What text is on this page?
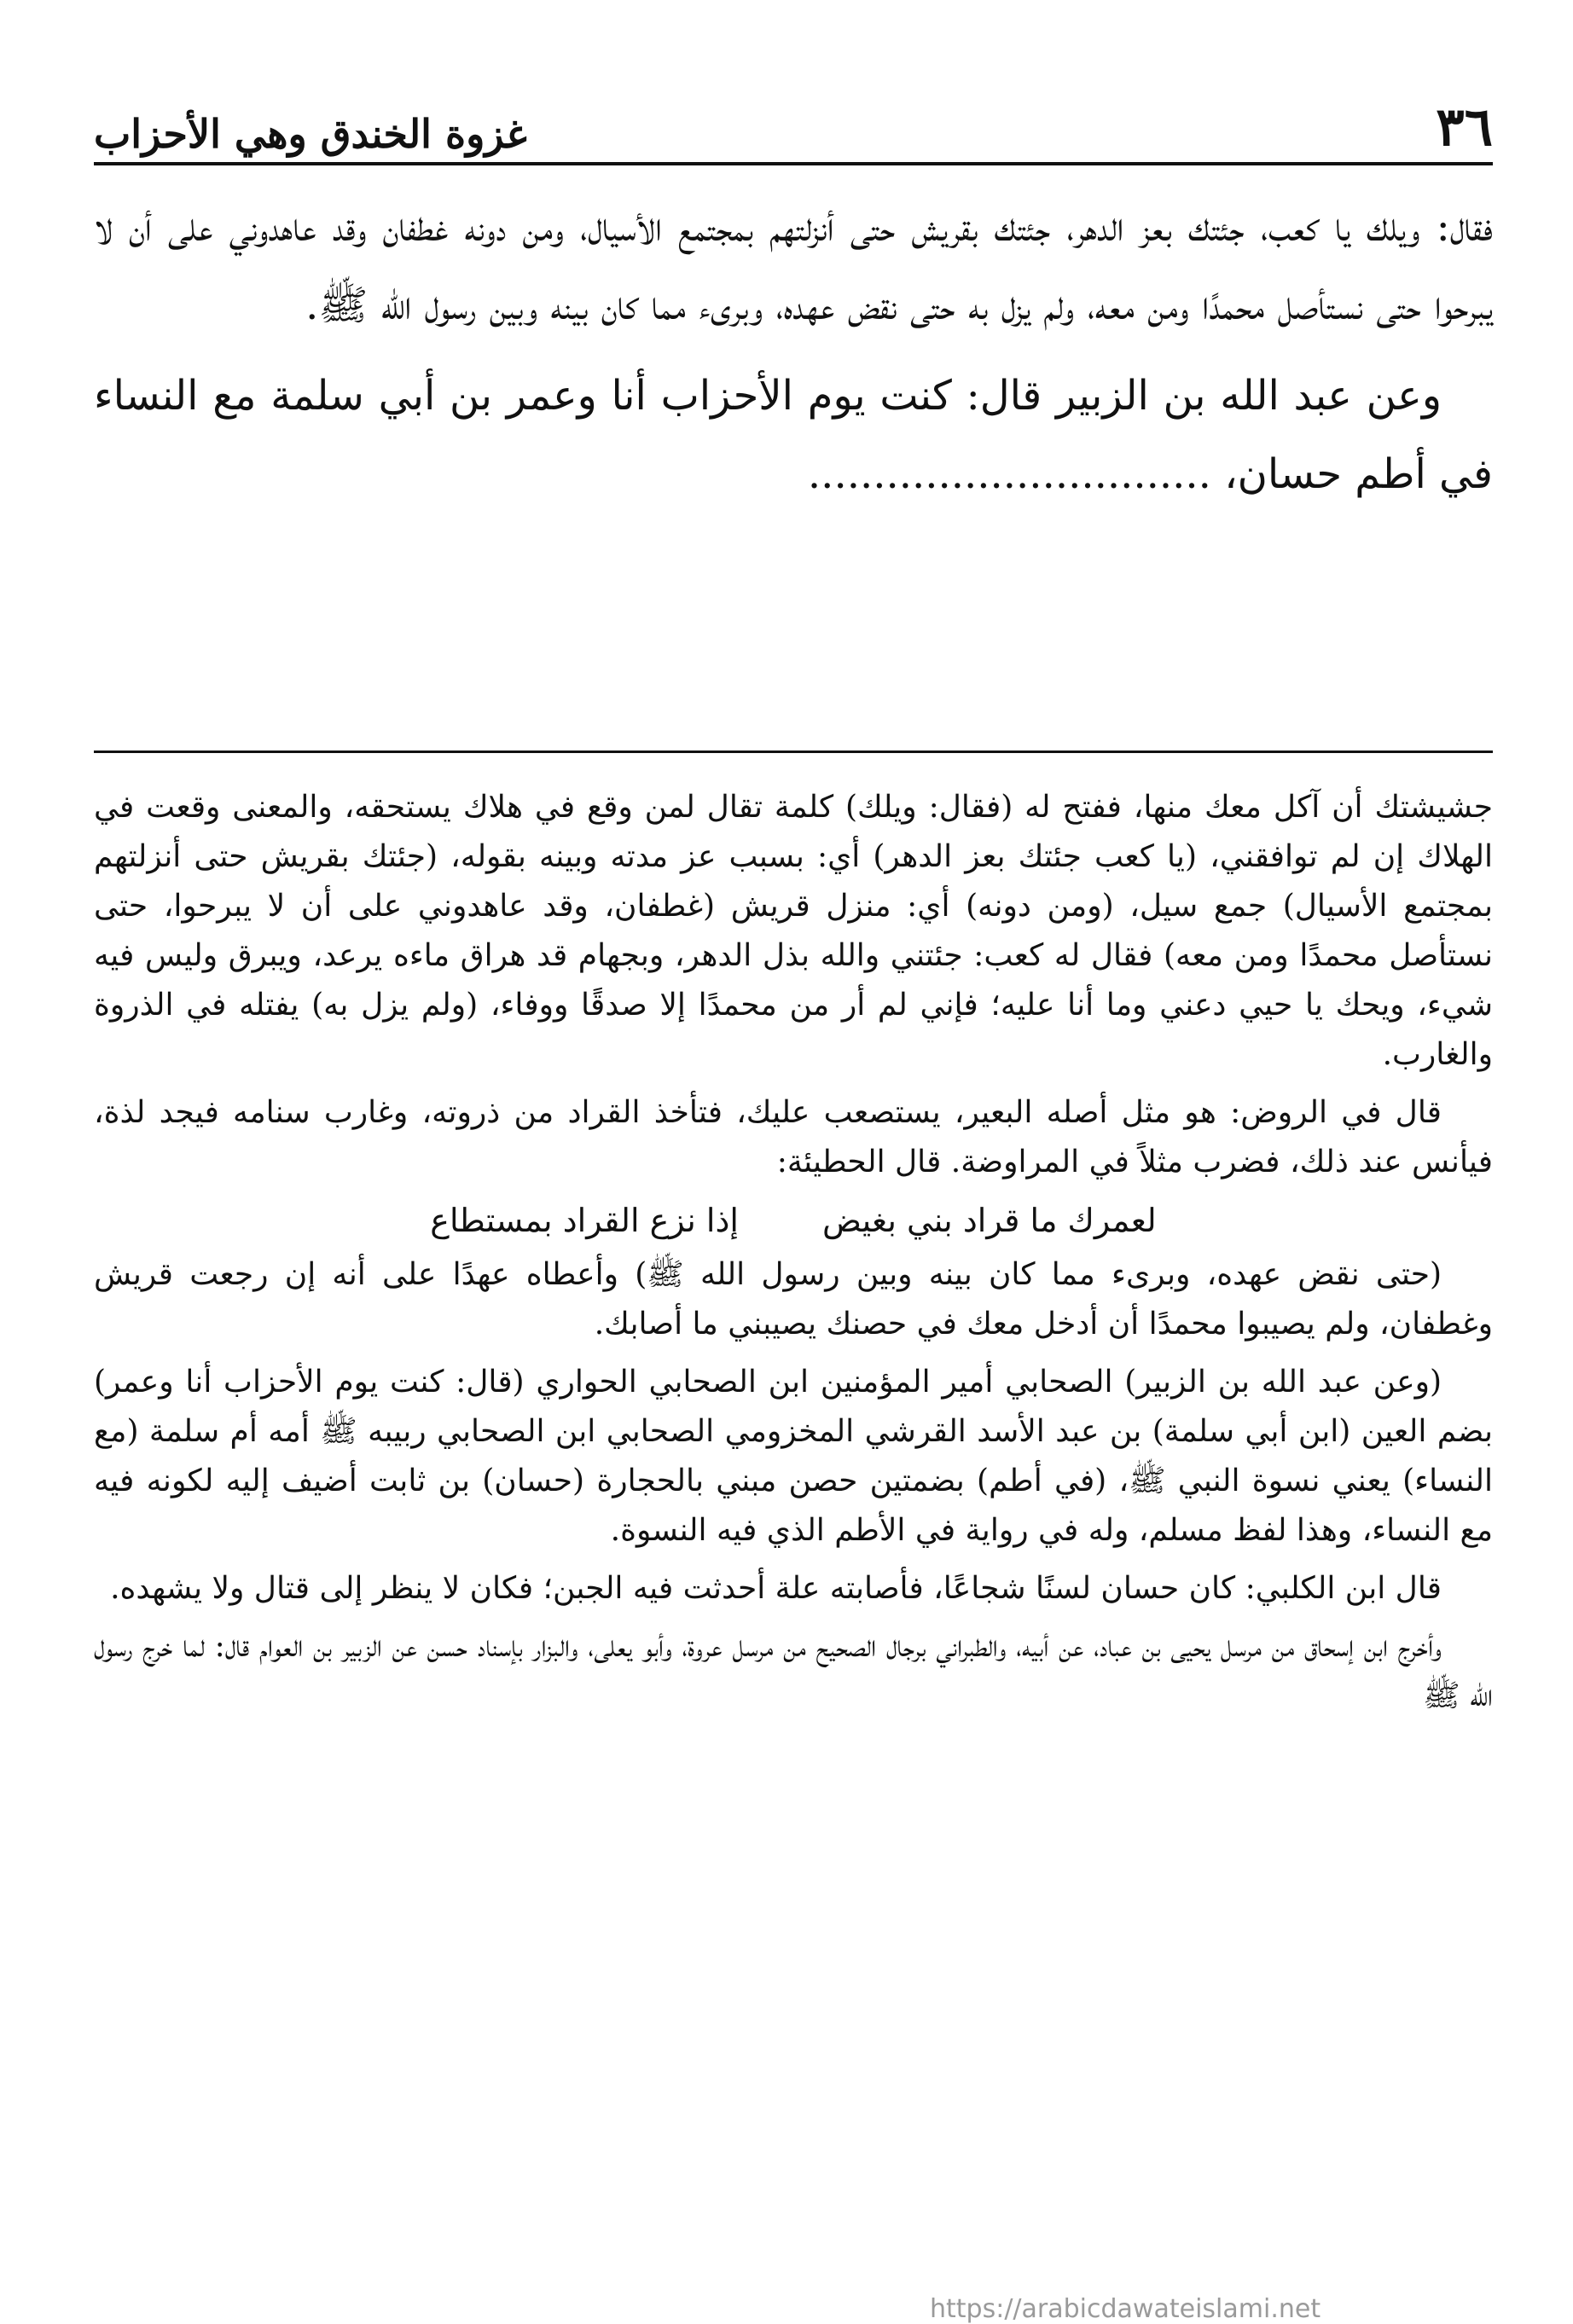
٣٦
غزوة الخندق وهي الأحزاب

فقال: ويلك يا كعب، جئتك بعز الدهر، جئتك بقريش حتى أنزلتهم بمجتمع الأسيال، ومن دونه غطفان وقد عاهدوني على أن لا يبرحوا حتى نستأصل محمدًا ومن معه، ولم يزل به حتى نقض عهده، وبرىء مما كان بينه وبين رسول الله ﷺ.

وعن عبد الله بن الزبير قال: كنت يوم الأحزاب أنا وعمر بن أبي سلمة مع النساء في أطم حسان، ...............................

جشيشتك أن آكل معك منها، ففتح له (فقال: ويلك) كلمة تقال لمن وقع في هلاك يستحقه، والمعنى وقعت في الهلاك إن لم توافقني، (يا كعب جئتك بعز الدهر) أي: بسبب عز مدته وبينه بقوله، (جئتك بقريش حتى أنزلتهم بمجتمع الأسيال) جمع سيل، (ومن دونه) أي: منزل قريش (غطفان، وقد عاهدوني على أن لا يبرحوا، حتى نستأصل محمدًا ومن معه) فقال له كعب: جئتني والله بذل الدهر، وبجهام قد هراق ماءه يرعد، ويبرق وليس فيه شيء، ويحك يا حيي دعني وما أنا عليه؛ فإني لم أر من محمدًا إلا صدقًا ووفاء، (ولم يزل به) يفتله في الذروة والغارب.

قال في الروض: هو مثل أصله البعير، يستصعب عليك، فتأخذ القراد من ذروته، وغارب سنامه فيجد لذة، فيأنس عند ذلك، فضرب مثلاً في المراوضة. قال الحطيئة:

لعمرك ما قراد بني بغيض إذا نزع القراد بمستطاع

(حتى نقض عهده، وبرىء مما كان بينه وبين رسول الله ﷺ) وأعطاه عهدًا على أنه إن رجعت قريش وغطفان، ولم يصيبوا محمدًا أن أدخل معك في حصنك يصيبني ما أصابك.

(وعن عبد الله بن الزبير) الصحابي أمير المؤمنين ابن الصحابي الحواري (قال: كنت يوم الأحزاب أنا وعمر) بضم العين (ابن أبي سلمة) بن عبد الأسد القرشي المخزومي الصحابي ابن الصحابي ربيبه ﷺ أمه أم سلمة (مع النساء) يعني نسوة النبي ﷺ، (في أطم) بضمتين حصن مبني بالحجارة (حسان) بن ثابت أضيف إليه لكونه فيه مع النساء، وهذا لفظ مسلم، وله في رواية في الأطم الذي فيه النسوة.

قال ابن الكلبي: كان حسان لسنًا شجاعًا، فأصابته علة أحدثت فيه الجبن؛ فكان لا ينظر إلى قتال ولا يشهده.

وأخرج ابن إسحاق من مرسل يحيى بن عباد، عن أبيه، والطبراني برجال الصحيح من مرسل عروة، وأبو يعلى، والبزار بإسناد حسن عن الزبير بن العوام قال: لما خرج رسول الله ﷺ

https://arabicdawateislami.net
